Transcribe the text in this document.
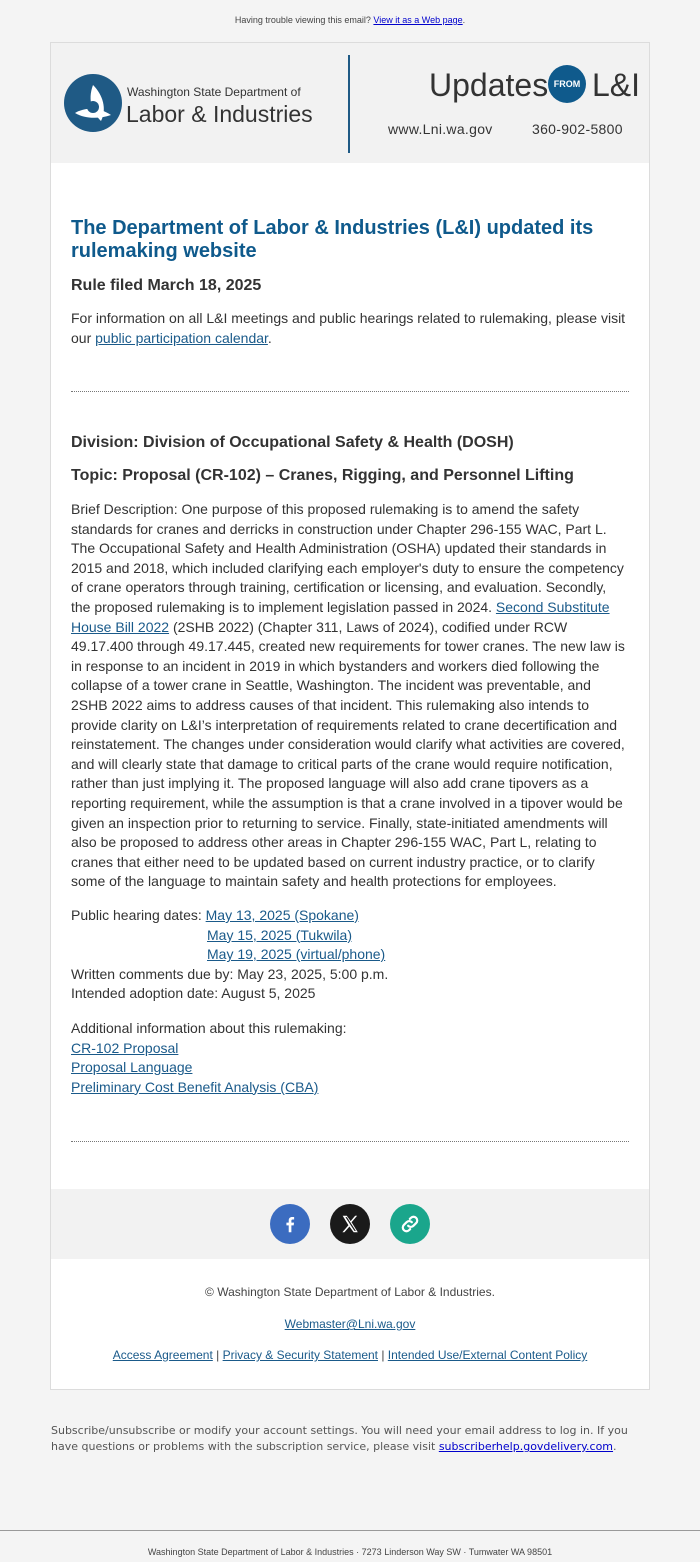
Having trouble viewing this email? View it as a Web page.
Washington State Department of
Labor & Industries
Updates FROM L&I
www.Lni.wa.gov	360-902-5800
The Department of Labor & Industries (L&I) updated its rulemaking website
Rule filed March 18, 2025
For information on all L&I meetings and public hearings related to rulemaking, please visit our public participation calendar.
Division: Division of Occupational Safety & Health (DOSH)
Topic: Proposal (CR-102) – Cranes, Rigging, and Personnel Lifting
Brief Description: One purpose of this proposed rulemaking is to amend the safety standards for cranes and derricks in construction under Chapter 296-155 WAC, Part L. The Occupational Safety and Health Administration (OSHA) updated their standards in 2015 and 2018, which included clarifying each employer's duty to ensure the competency of crane operators through training, certification or licensing, and evaluation. Secondly, the proposed rulemaking is to implement legislation passed in 2024. Second Substitute House Bill 2022 (2SHB 2022) (Chapter 311, Laws of 2024), codified under RCW 49.17.400 through 49.17.445, created new requirements for tower cranes. The new law is in response to an incident in 2019 in which bystanders and workers died following the collapse of a tower crane in Seattle, Washington. The incident was preventable, and 2SHB 2022 aims to address causes of that incident. This rulemaking also intends to provide clarity on L&I’s interpretation of requirements related to crane decertification and reinstatement. The changes under consideration would clarify what activities are covered, and will clearly state that damage to critical parts of the crane would require notification, rather than just implying it. The proposed language will also add crane tipovers as a reporting requirement, while the assumption is that a crane involved in a tipover would be given an inspection prior to returning to service. Finally, state-initiated amendments will also be proposed to address other areas in Chapter 296-155 WAC, Part L, relating to cranes that either need to be updated based on current industry practice, or to clarify some of the language to maintain safety and health protections for employees.
Public hearing dates: May 13, 2025 (Spokane)
May 15, 2025 (Tukwila)
May 19, 2025 (virtual/phone)
Written comments due by: May 23, 2025, 5:00 p.m.
Intended adoption date: August 5, 2025
Additional information about this rulemaking:
CR-102 Proposal
Proposal Language
Preliminary Cost Benefit Analysis (CBA)
© Washington State Department of Labor & Industries.
Webmaster@Lni.wa.gov
Access Agreement | Privacy & Security Statement | Intended Use/External Content Policy
Subscribe/unsubscribe or modify your account settings. You will need your email address to log in. If you have questions or problems with the subscription service, please visit subscriberhelp.govdelivery.com.
Washington State Department of Labor & Industries · 7273 Linderson Way SW · Tumwater WA 98501
